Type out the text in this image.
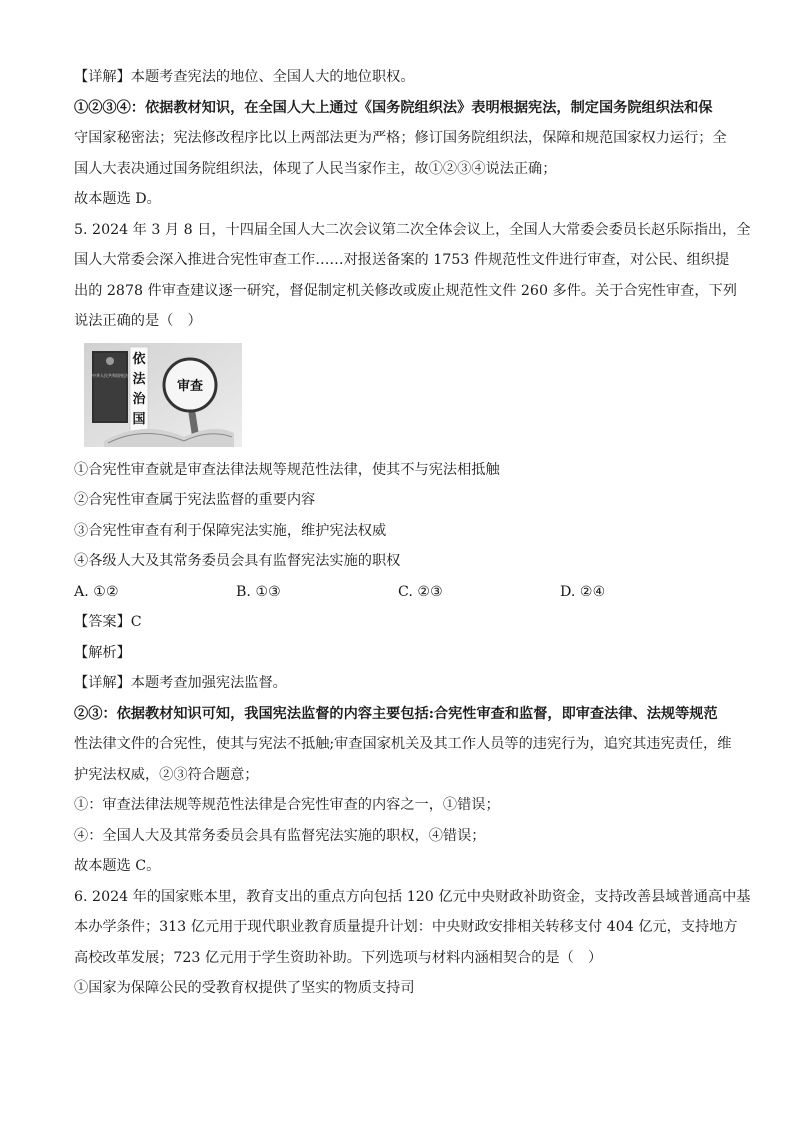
【详解】本题考查宪法的地位、全国人大的地位职权。

①②③④：依据教材知识，在全国人大上通过《国务院组织法》表明根据宪法，制定国务院组织法和保

守国家秘密法；宪法修改程序比以上两部法更为严格；修订国务院组织法，保障和规范国家权力运行；全

国人大表决通过国务院组织法，体现了人民当家作主，故①②③④说法正确；

故本题选 D。

5. 2024 年 3 月 8 日，十四届全国人大二次会议第二次全体会议上，全国人大常委会委员长赵乐际指出，全

国人大常委会深入推进合宪性审查工作……对报送备案的 1753 件规范性文件进行审查，对公民、组织提

出的 2878 件审查建议逐一研究，督促制定机关修改或废止规范性文件 260 多件。关于合宪性审查，下列

说法正确的是（　）

中华人民共和国宪法
依
法
治
国
审查

①合宪性审查就是审查法律法规等规范性法律，使其不与宪法相抵触

②合宪性审查属于宪法监督的重要内容

③合宪性审查有利于保障宪法实施，维护宪法权威

④各级人大及其常务委员会具有监督宪法实施的职权

A. ①②	B. ①③	C. ②③	D. ②④

【答案】C

【解析】

【详解】本题考查加强宪法监督。

②③：依据教材知识可知，我国宪法监督的内容主要包括:合宪性审查和监督，即审查法律、法规等规范

性法律文件的合宪性，使其与宪法不抵触;审查国家机关及其工作人员等的违宪行为，追究其违宪责任，维

护宪法权威，②③符合题意；

①：审查法律法规等规范性法律是合宪性审查的内容之一，①错误；

④：全国人大及其常务委员会具有监督宪法实施的职权，④错误；

故本题选 C。

6. 2024 年的国家账本里，教育支出的重点方向包括 120 亿元中央财政补助资金，支持改善县域普通高中基

本办学条件；313 亿元用于现代职业教育质量提升计划：中央财政安排相关转移支付 404 亿元，支持地方

高校改革发展；723 亿元用于学生资助补助。下列选项与材料内涵相契合的是（　）

①国家为保障公民的受教育权提供了坚实的物质支持司
